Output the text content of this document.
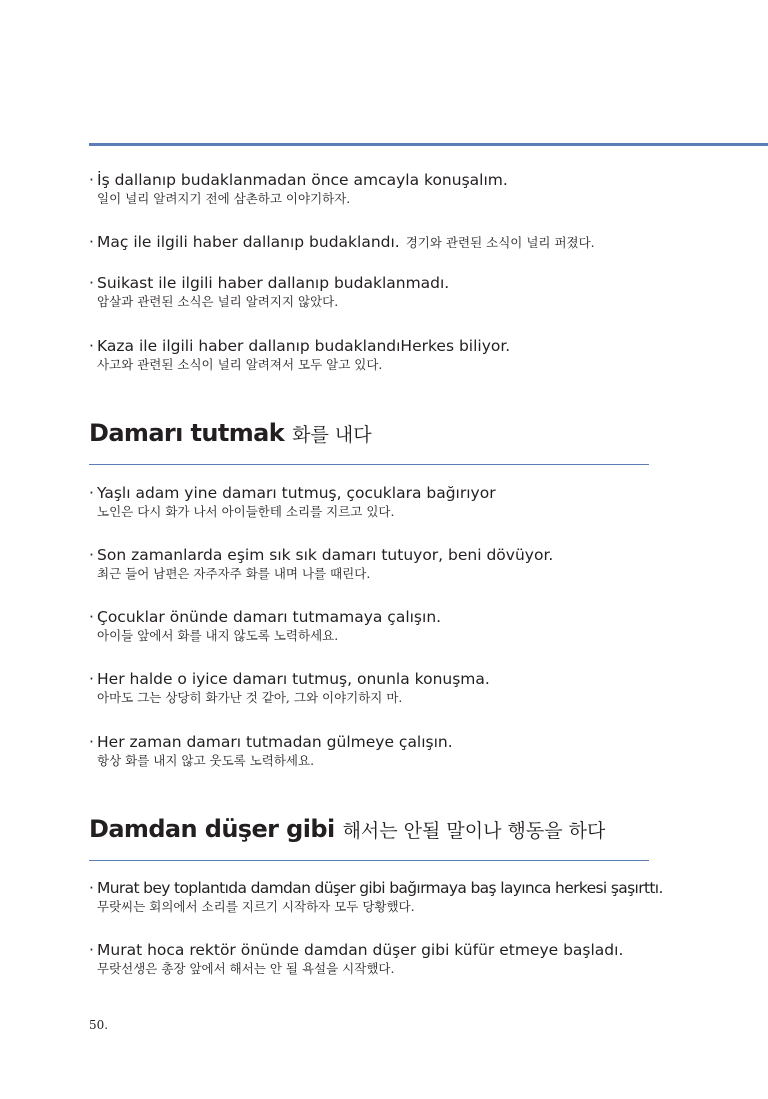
· İş dallanıp budaklanmadan önce amcayla konuşalım.
일이 널리 알려지기 전에 삼촌하고 이야기하자.
· Maç ile ilgili haber dallanıp budaklandı. 경기와 관련된 소식이 널리 퍼졌다.
· Suikast ile ilgili haber dallanıp budaklanmadı.
암살과 관련된 소식은 널리 알려지지 않았다.
· Kaza ile ilgili haber dallanıp budaklandıHerkes biliyor.
사고와 관련된 소식이 널리 알려져서 모두 알고 있다.
Damarı tutmak 화를 내다
· Yaşlı adam yine damarı tutmuş, çocuklara bağırıyor
노인은 다시 화가 나서 아이들한테 소리를 지르고 있다.
· Son zamanlarda eşim sık sık damarı tutuyor, beni dövüyor.
최근 들어 남편은 자주자주 화를 내며 나를 때린다.
· Çocuklar önünde damarı tutmamaya çalışın.
아이들 앞에서 화를 내지 않도록 노력하세요.
· Her halde o iyice damarı tutmuş, onunla konuşma.
아마도 그는 상당히 화가난 것 같아, 그와 이야기하지 마.
· Her zaman damarı tutmadan gülmeye çalışın.
항상 화를 내지 않고 웃도록 노력하세요.
Damdan düşer gibi 해서는 안될 말이나 행동을 하다
· Murat bey toplantıda damdan düşer gibi bağırmaya baş layınca herkesi şaşırttı.
무랏씨는 회의에서 소리를 지르기 시작하자 모두 당황했다.
· Murat hoca rektör önünde damdan düşer gibi küfür etmeye başladı.
무랏선생은 총장 앞에서 해서는 안 될 욕설을 시작했다.
50.
